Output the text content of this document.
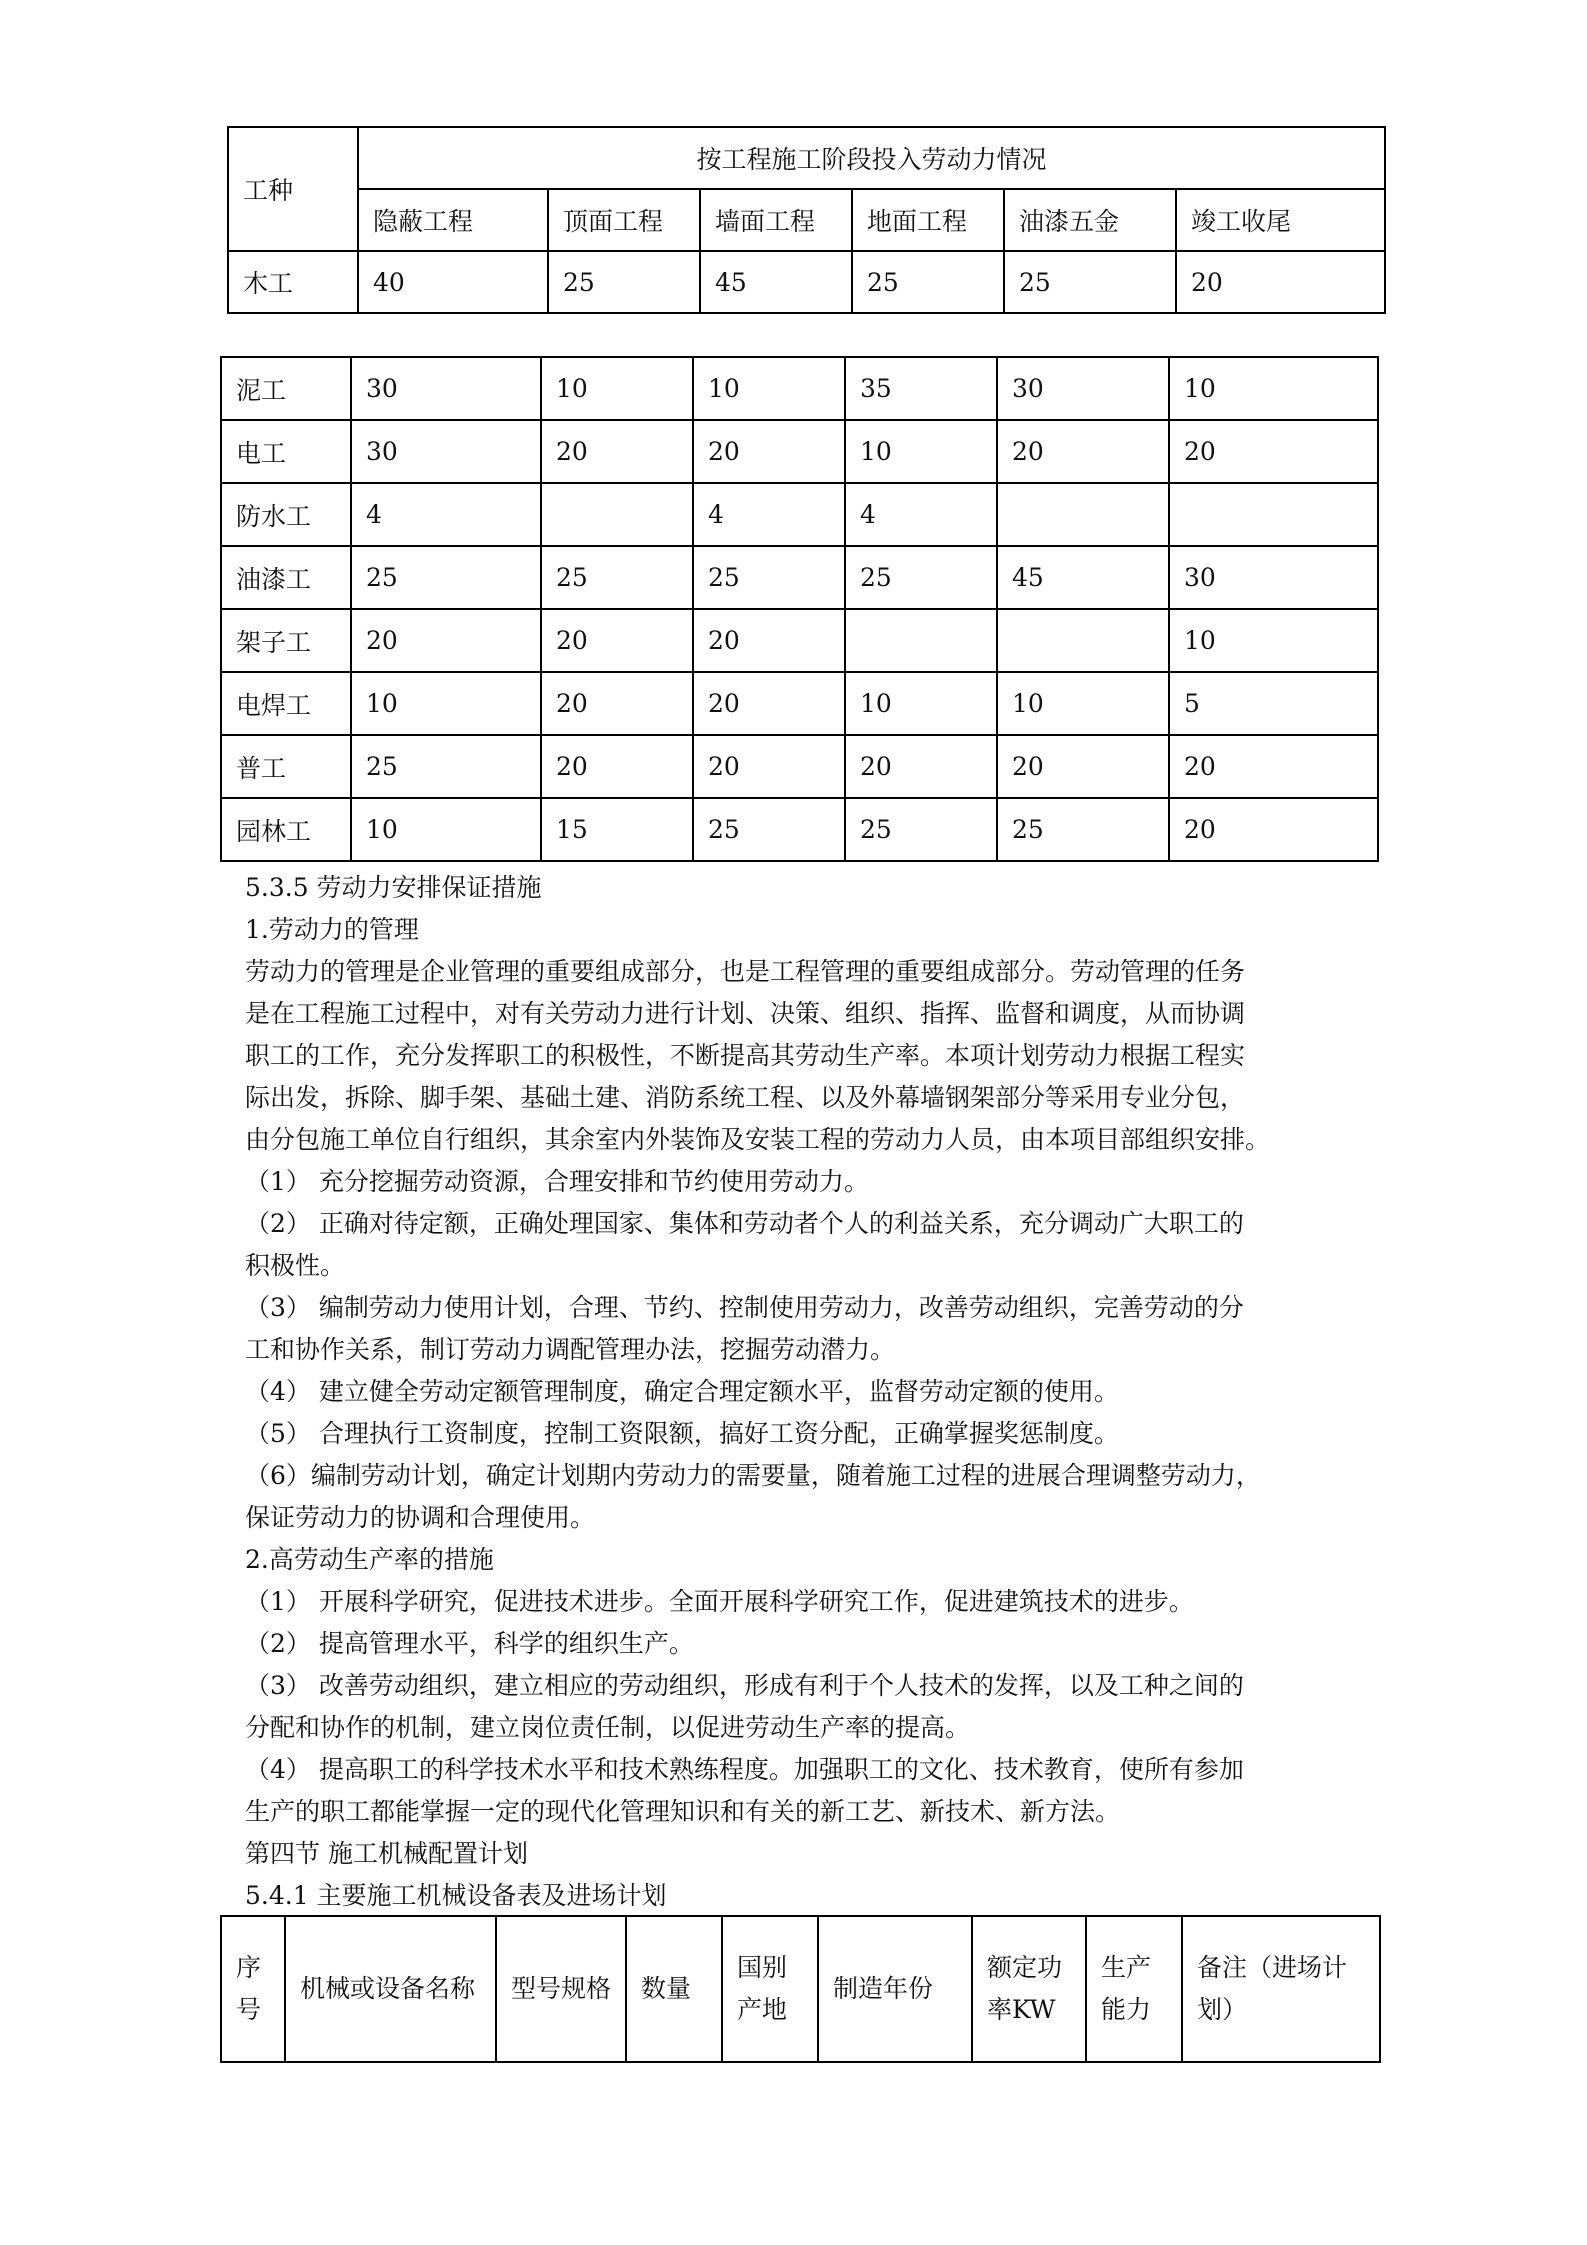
工种	按工程施工阶段投入劳动力情况					
	隐蔽工程	顶面工程	墙面工程	地面工程	油漆五金	竣工收尾
木工	40	25	45	25	25	20
泥工	30	10	10	35	30	10
电工	30	20	20	10	20	20
防水工	4		4	4		
油漆工	25	25	25	25	45	30
架子工	20	20	20			10
电焊工	10	20	20	10	10	5
普工	25	20	20	20	20	20
园林工	10	15	25	25	25	20

5.3.5 劳动力安排保证措施

1.劳动力的管理

劳动力的管理是企业管理的重要组成部分，也是工程管理的重要组成部分。劳动管理的任务

是在工程施工过程中，对有关劳动力进行计划、决策、组织、指挥、监督和调度，从而协调

职工的工作，充分发挥职工的积极性，不断提高其劳动生产率。本项计划劳动力根据工程实

际出发，拆除、脚手架、基础土建、消防系统工程、以及外幕墙钢架部分等采用专业分包，

由分包施工单位自行组织，其余室内外装饰及安装工程的劳动力人员，由本项目部组织安排。

（1） 充分挖掘劳动资源，合理安排和节约使用劳动力。

（2） 正确对待定额，正确处理国家、集体和劳动者个人的利益关系，充分调动广大职工的

积极性。

（3） 编制劳动力使用计划，合理、节约、控制使用劳动力，改善劳动组织，完善劳动的分

工和协作关系，制订劳动力调配管理办法，挖掘劳动潜力。

（4） 建立健全劳动定额管理制度，确定合理定额水平，监督劳动定额的使用。

（5） 合理执行工资制度，控制工资限额，搞好工资分配，正确掌握奖惩制度。

（6）编制劳动计划，确定计划期内劳动力的需要量，随着施工过程的进展合理调整劳动力，

保证劳动力的协调和合理使用。

2.高劳动生产率的措施

（1） 开展科学研究，促进技术进步。全面开展科学研究工作，促进建筑技术的进步。

（2） 提高管理水平，科学的组织生产。

（3） 改善劳动组织，建立相应的劳动组织，形成有利于个人技术的发挥，以及工种之间的

分配和协作的机制，建立岗位责任制，以促进劳动生产率的提高。

（4） 提高职工的科学技术水平和技术熟练程度。加强职工的文化、技术教育，使所有参加

生产的职工都能掌握一定的现代化管理知识和有关的新工艺、新技术、新方法。

第四节 施工机械配置计划

5.4.1 主要施工机械设备表及进场计划

序号	机械或设备名称	型号规格	数量	国别产地	制造年份	额定功率KW	生产能力	备注（进场计划）
